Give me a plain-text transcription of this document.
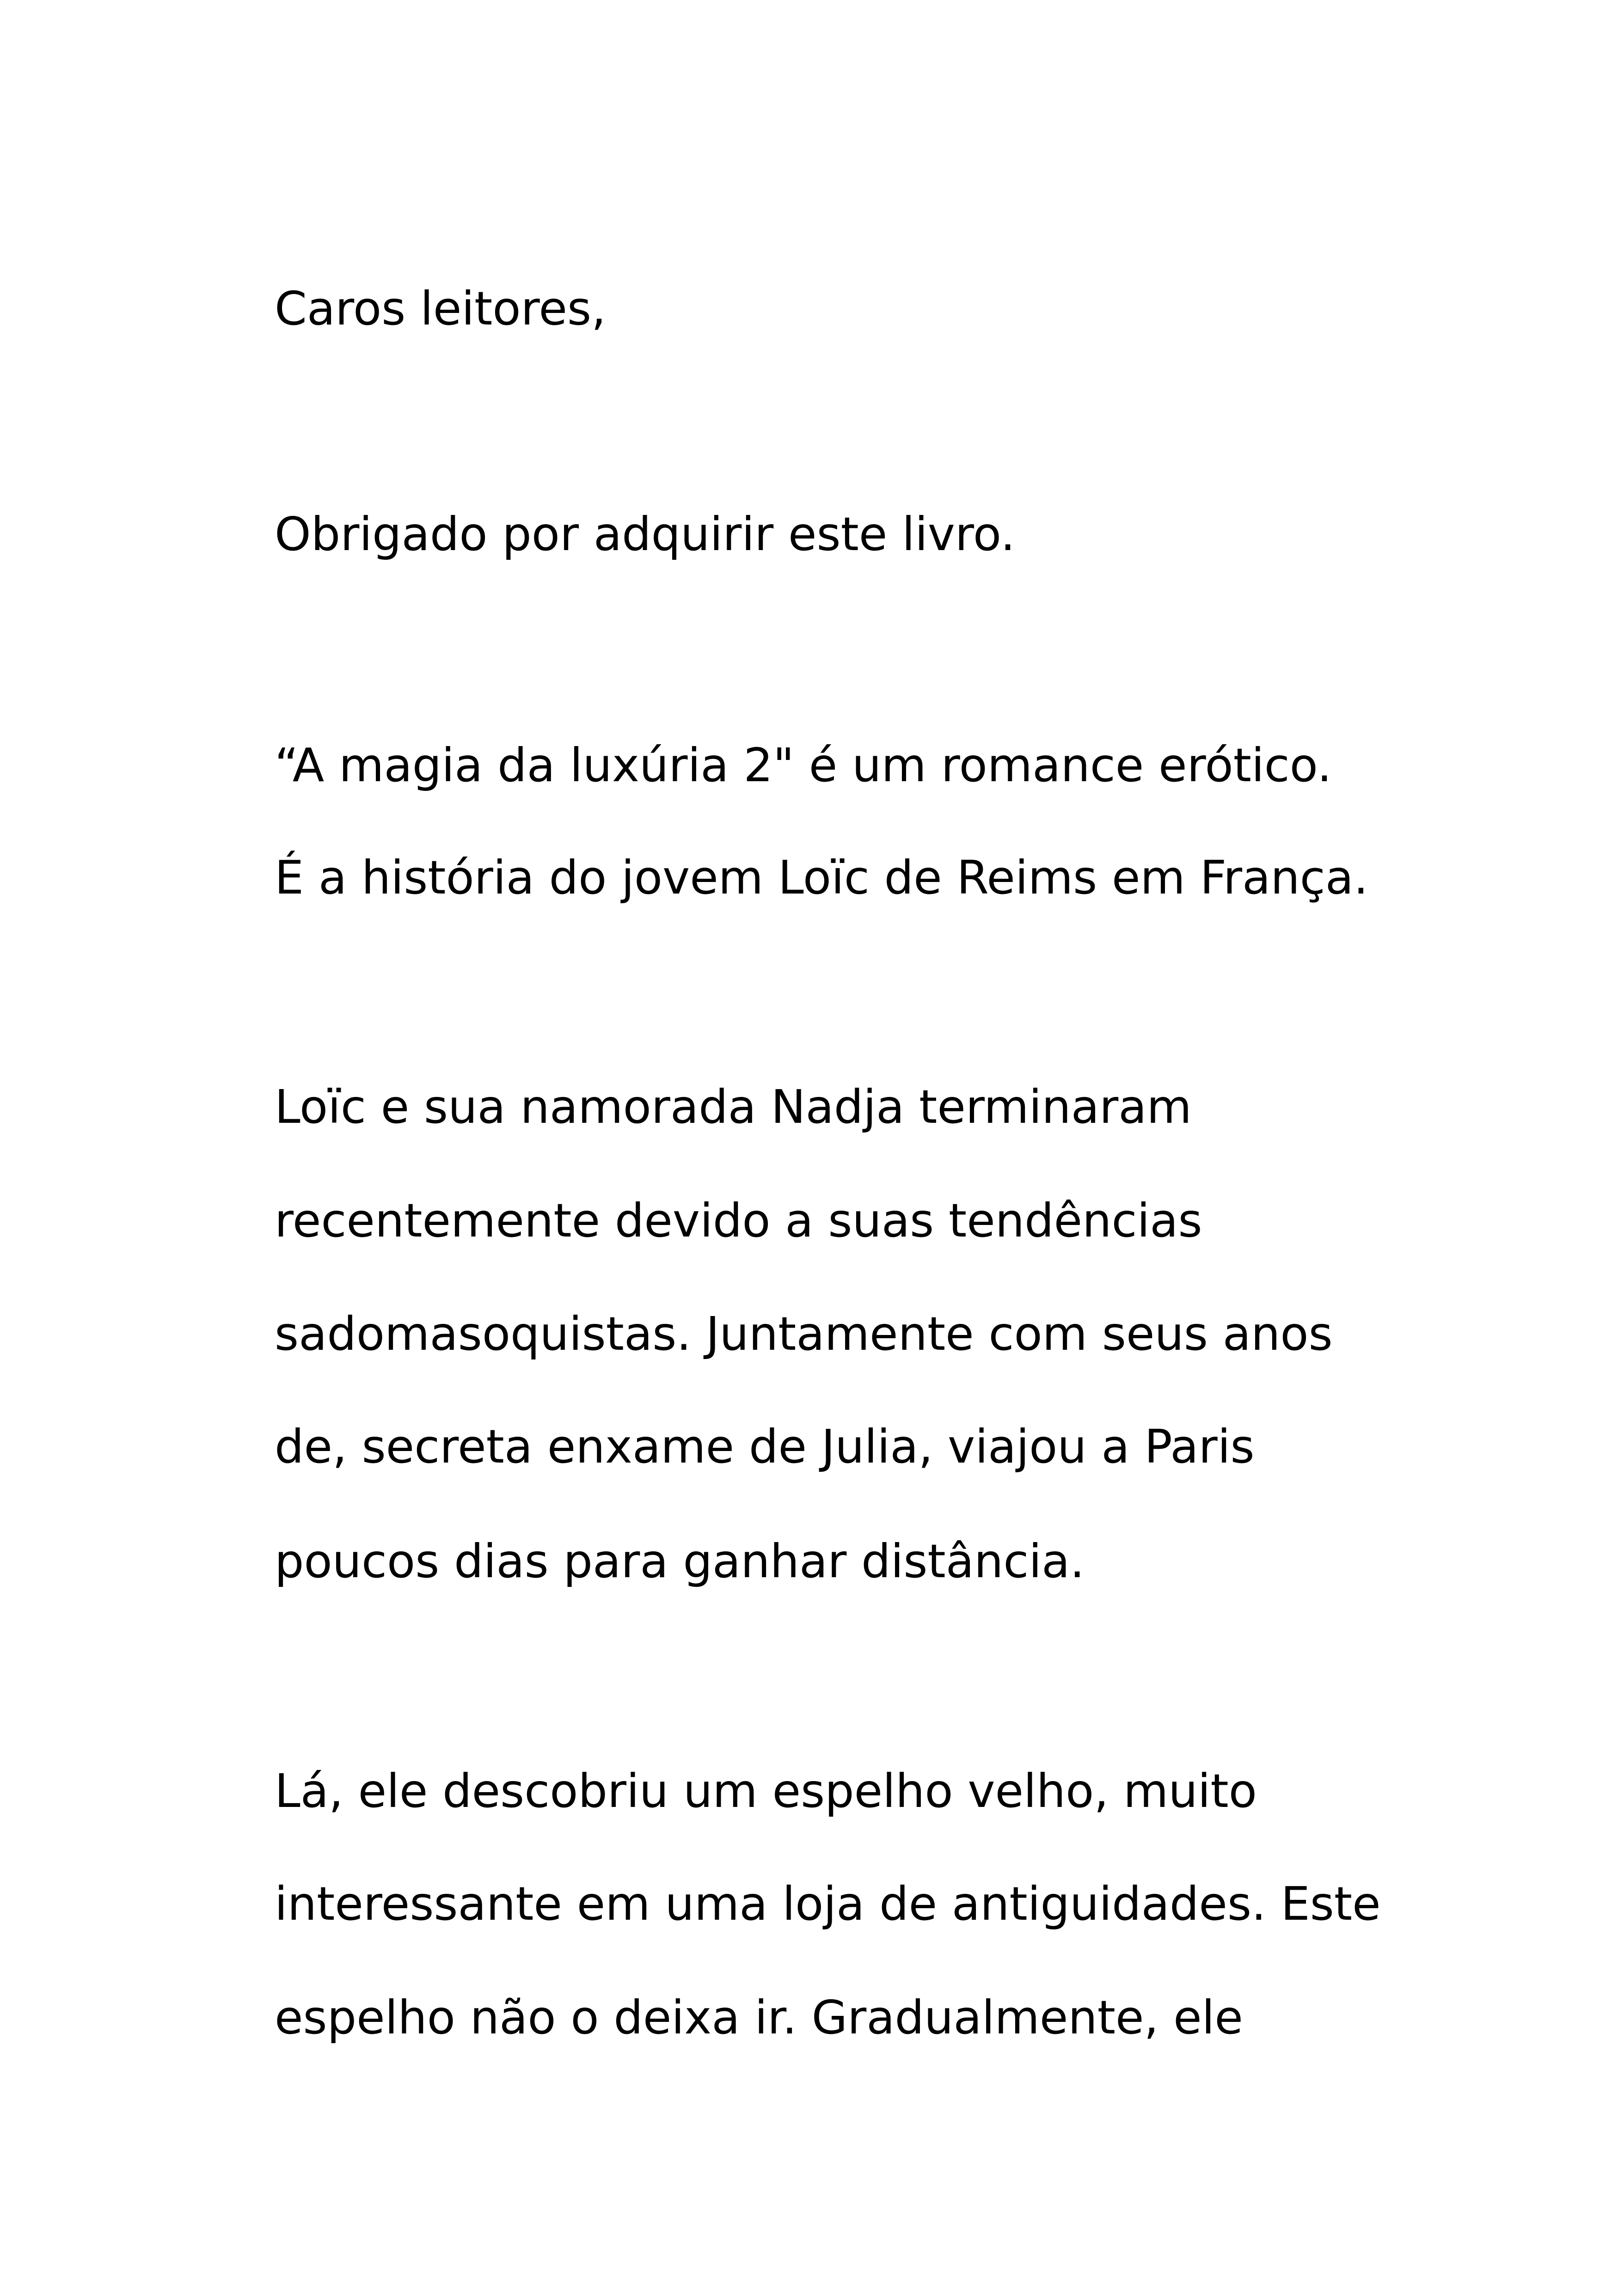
Caros leitores,

Obrigado por adquirir este livro.

“A magia da luxúria 2" é um romance erótico.

É a história do jovem Loïc de Reims em França.

Loïc e sua namorada Nadja terminaram

recentemente devido a suas tendências

sadomasoquistas. Juntamente com seus anos

de, secreta enxame de Julia, viajou a Paris

poucos dias para ganhar distância.

Lá, ele descobriu um espelho velho, muito

interessante em uma loja de antiguidades. Este

espelho não o deixa ir. Gradualmente, ele
